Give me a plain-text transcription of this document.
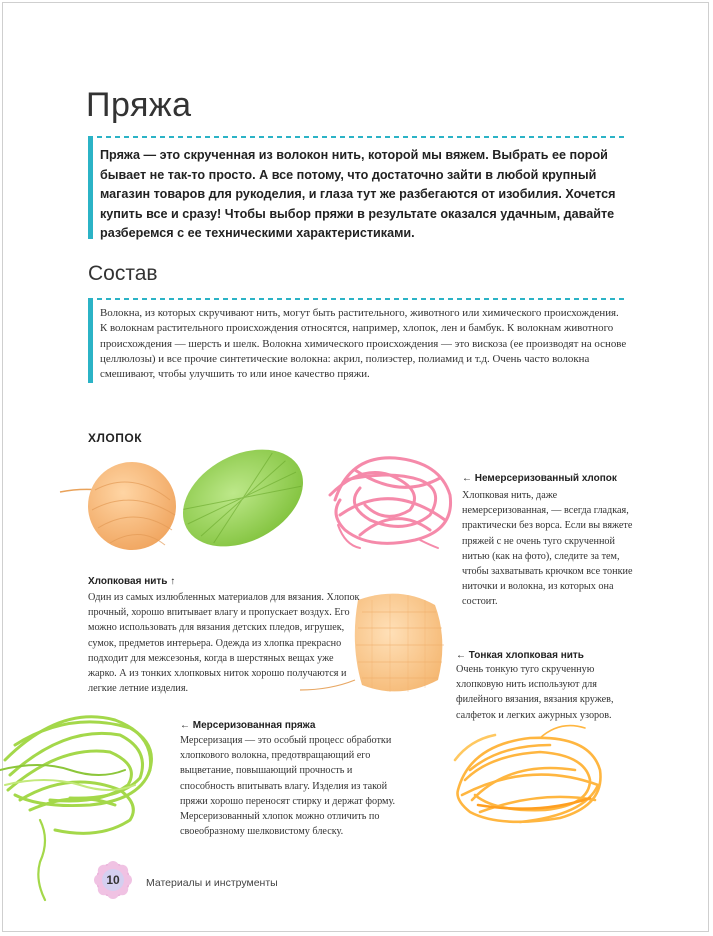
Пряжа

Пряжа — это скрученная из волокон нить, которой мы вяжем. Выбрать ее порой бывает не так-то просто. А все потому, что достаточно зайти в любой крупный магазин товаров для рукоделия, и глаза тут же разбегаются от изобилия. Хочется купить все и сразу! Чтобы выбор пряжи в результате оказался удачным, давайте разберемся с ее техническими характеристиками.

Состав

Волокна, из которых скручивают нить, могут быть растительного, животного или химического происхождения. К волокнам растительного происхождения относятся, например, хлопок, лен и бамбук. К волокнам животного происхождения — шерсть и шелк. Волокна химического происхождения — это вискоза (ее производят на основе целлюлозы) и все прочие синтетические волокна: акрил, полиэстер, полиамид и т.д. Очень часто волокна смешивают, чтобы улучшить то или иное качество пряжи.

ХЛОПОК
Хлопковая нить ↑

Один из самых излюбленных материалов для вязания. Хлопок прочный, хорошо впитывает влагу и пропускает воздух. Его можно использовать для вязания детских пледов, игрушек, сумок, предметов интерьера. Одежда из хлопка прекрасно подходит для межсезонья, когда в шерстяных вещах уже жарко. А из тонких хлопковых ниток хорошо получаются и легкие летние изделия.

← Немерсеризованный хлопок

Хлопковая нить, даже немерсеризованная, — всегда гладкая, практически без ворса. Если вы вяжете пряжей с не очень туго скрученной нитью (как на фото), следите за тем, чтобы захватывать крючком все тонкие ниточки и волокна, из которых она состоит.

← Тонкая хлопковая нить

Очень тонкую туго скрученную хлопковую нить используют для филейного вязания, вязания кружев, салфеток и легких ажурных узоров.

← Мерсеризованная пряжа

Мерсеризация — это особый процесс обработки хлопкового волокна, предотвращающий его выцветание, повышающий прочность и способность впитывать влагу. Изделия из такой пряжи хорошо переносят стирку и держат форму. Мерсеризованный хлопок можно отличить по своеобразному шелковистому блеску.

10	Материалы и инструменты
